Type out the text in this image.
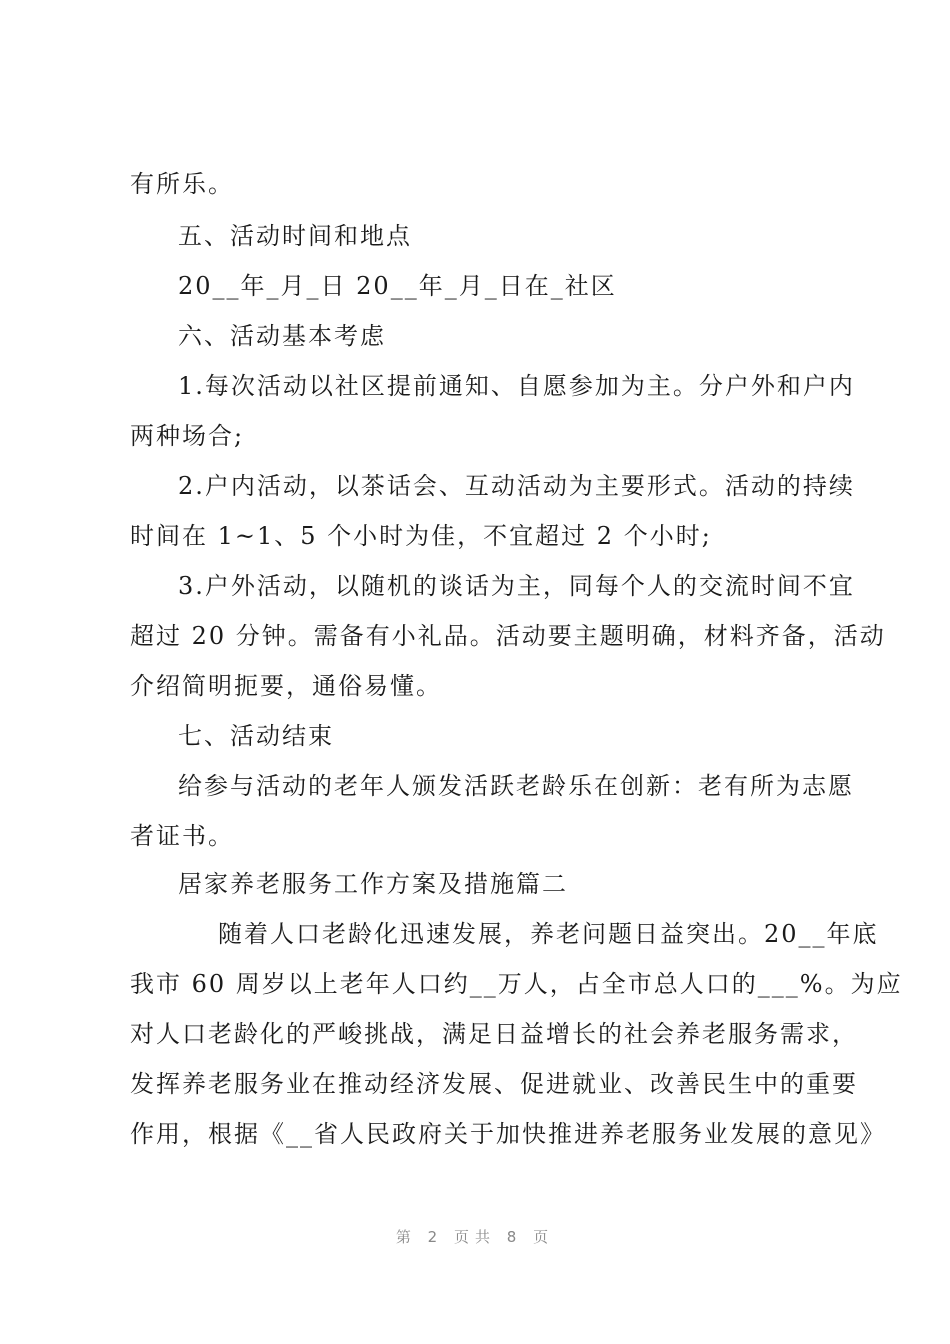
有所乐。
五、活动时间和地点
20__年_月_日 20__年_月_日在_社区
六、活动基本考虑
1.每次活动以社区提前通知、自愿参加为主。分户外和户内
两种场合;
2.户内活动，以茶话会、互动活动为主要形式。活动的持续
时间在 1~1、5 个小时为佳，不宜超过 2 个小时;
3.户外活动，以随机的谈话为主，同每个人的交流时间不宜
超过 20 分钟。需备有小礼品。活动要主题明确，材料齐备，活动
介绍简明扼要，通俗易懂。
七、活动结束
给参与活动的老年人颁发活跃老龄乐在创新：老有所为志愿
者证书。
居家养老服务工作方案及措施篇二
随着人口老龄化迅速发展，养老问题日益突出。20__年底
我市 60 周岁以上老年人口约__万人，占全市总人口的___%。为应
对人口老龄化的严峻挑战，满足日益增长的社会养老服务需求，
发挥养老服务业在推动经济发展、促进就业、改善民生中的重要
作用，根据《__省人民政府关于加快推进养老服务业发展的意见》
第 2 页共 8 页
